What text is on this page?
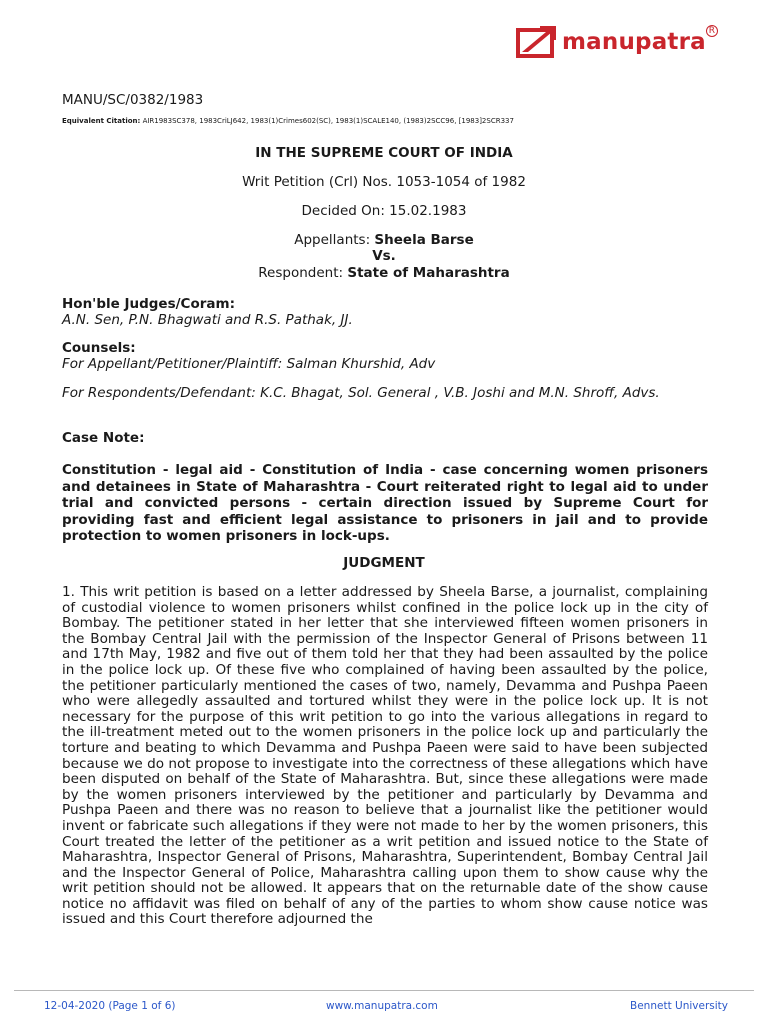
manupatra R
MANU/SC/0382/1983
Equivalent Citation: AIR1983SC378, 1983CriLJ642, 1983(1)Crimes602(SC), 1983(1)SCALE140, (1983)2SCC96, [1983]2SCR337
IN THE SUPREME COURT OF INDIA
Writ Petition (Crl) Nos. 1053-1054 of 1982
Decided On: 15.02.1983
Appellants: Sheela Barse
Vs.
Respondent: State of Maharashtra
Hon'ble Judges/Coram:
A.N. Sen, P.N. Bhagwati and R.S. Pathak, JJ.
Counsels:
For Appellant/Petitioner/Plaintiff: Salman Khurshid, Adv
For Respondents/Defendant: K.C. Bhagat, Sol. General , V.B. Joshi and M.N. Shroff, Advs.
Case Note:
Constitution - legal aid - Constitution of India - case concerning women prisoners and detainees in State of Maharashtra - Court reiterated right to legal aid to under trial and convicted persons - certain direction issued by Supreme Court for providing fast and efficient legal assistance to prisoners in jail and to provide protection to women prisoners in lock-ups.
JUDGMENT
1. This writ petition is based on a letter addressed by Sheela Barse, a journalist, complaining of custodial violence to women prisoners whilst confined in the police lock up in the city of Bombay. The petitioner stated in her letter that she interviewed fifteen women prisoners in the Bombay Central Jail with the permission of the Inspector General of Prisons between 11 and 17th May, 1982 and five out of them told her that they had been assaulted by the police in the police lock up. Of these five who complained of having been assaulted by the police, the petitioner particularly mentioned the cases of two, namely, Devamma and Pushpa Paeen who were allegedly assaulted and tortured whilst they were in the police lock up. It is not necessary for the purpose of this writ petition to go into the various allegations in regard to the ill-treatment meted out to the women prisoners in the police lock up and particularly the torture and beating to which Devamma and Pushpa Paeen were said to have been subjected because we do not propose to investigate into the correctness of these allegations which have been disputed on behalf of the State of Maharashtra. But, since these allegations were made by the women prisoners interviewed by the petitioner and particularly by Devamma and Pushpa Paeen and there was no reason to believe that a journalist like the petitioner would invent or fabricate such allegations if they were not made to her by the women prisoners, this Court treated the letter of the petitioner as a writ petition and issued notice to the State of Maharashtra, Inspector General of Prisons, Maharashtra, Superintendent, Bombay Central Jail and the Inspector General of Police, Maharashtra calling upon them to show cause why the writ petition should not be allowed. It appears that on the returnable date of the show cause notice no affidavit was filed on behalf of any of the parties to whom show cause notice was issued and this Court therefore adjourned the
12-04-2020 (Page 1 of 6)	www.manupatra.com	Bennett University
